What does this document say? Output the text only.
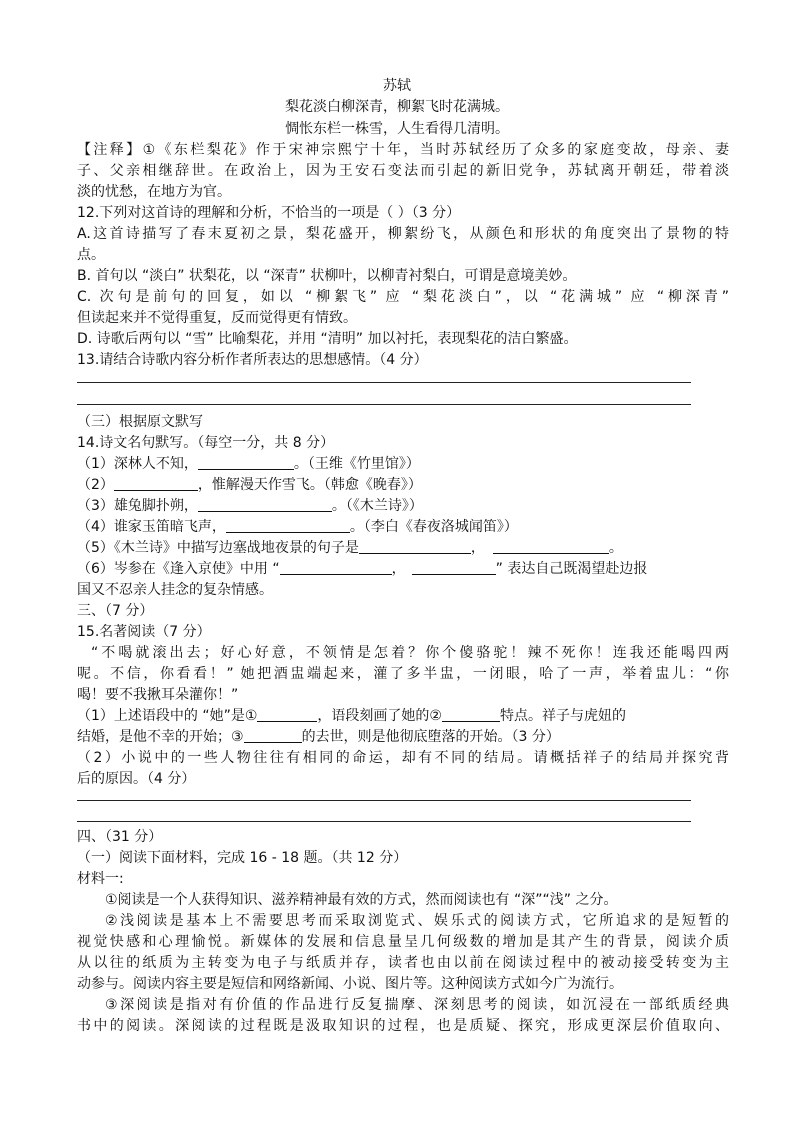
苏轼
梨花淡白柳深青，柳絮飞时花满城。
惆怅东栏一株雪，人生看得几清明。
【注释】①《东栏梨花》作于宋神宗熙宁十年，当时苏轼经历了众多的家庭变故，母亲、妻
子、父亲相继辞世。在政治上，因为王安石变法而引起的新旧党争，苏轼离开朝廷，带着淡
淡的忧愁，在地方为官。
12.下列对这首诗的理解和分析，不恰当的一项是（ ）（3 分）
A.这首诗描写了春末夏初之景，梨花盛开，柳絮纷飞，从颜色和形状的角度突出了景物的特
点。
B. 首句以 “淡白” 状梨花，以 “深青” 状柳叶，以柳青衬梨白，可谓是意境美妙。
C. 次句是前句的回复，如以 “柳絮飞” 应 “梨花淡白”，以 “花满城” 应 “柳深青”
但读起来并不觉得重复，反而觉得更有情致。
D. 诗歌后两句以 “雪” 比喻梨花，并用 “清明” 加以衬托，表现梨花的洁白繁盛。
13.请结合诗歌内容分析作者所表达的思想感情。（4 分）
（三）根据原文默写
14.诗文名句默写。（每空一分，共 8 分）
（1）深林人不知，	。（王维《竹里馆》）
（2）	，惟解漫天作雪飞。（韩愈《晚春》）
（3）雄兔脚扑朔，	。（《木兰诗》）
（4）谁家玉笛暗飞声，	。（李白《春夜洛城闻笛》）
（5）《木兰诗》中描写边塞战地夜景的句子是	，	。
（6）岑参在《逢入京使》中用 “	，	” 表达自己既渴望赴边报
国又不忍亲人挂念的复杂情感。
三、（7 分）
15.名著阅读（7 分）
“不喝就滚出去；好心好意，不领情是怎着？你个傻骆驼！辣不死你！连我还能喝四两
呢。不信，你看看！” 她把酒盅端起来，灌了多半盅，一闭眼，哈了一声，举着盅儿：“你
喝！要不我揪耳朵灌你！”
（1）上述语段中的 “她”是①	，语段刻画了她的②	特点。祥子与虎妞的
结婚，是他不幸的开始；③	的去世，则是他彻底堕落的开始。（3 分）
（2）小说中的一些人物往往有相同的命运，却有不同的结局。请概括祥子的结局并探究背
后的原因。（4 分）
四、（31 分）
（一）阅读下面材料，完成 16 - 18 题。（共 12 分）
材料一:
①阅读是一个人获得知识、滋养精神最有效的方式，然而阅读也有 “深”“浅” 之分。
②浅阅读是基本上不需要思考而采取浏览式、娱乐式的阅读方式，它所追求的是短暂的
视觉快感和心理愉悦。新媒体的发展和信息量呈几何级数的增加是其产生的背景，阅读介质
从以往的纸质为主转变为电子与纸质并存，读者也由以前在阅读过程中的被动接受转变为主
动参与。阅读内容主要是短信和网络新闻、小说、图片等。这种阅读方式如今广为流行。
③深阅读是指对有价值的作品进行反复揣摩、深刻思考的阅读，如沉浸在一部纸质经典
书中的阅读。深阅读的过程既是汲取知识的过程，也是质疑、探究，形成更深层价值取向、
